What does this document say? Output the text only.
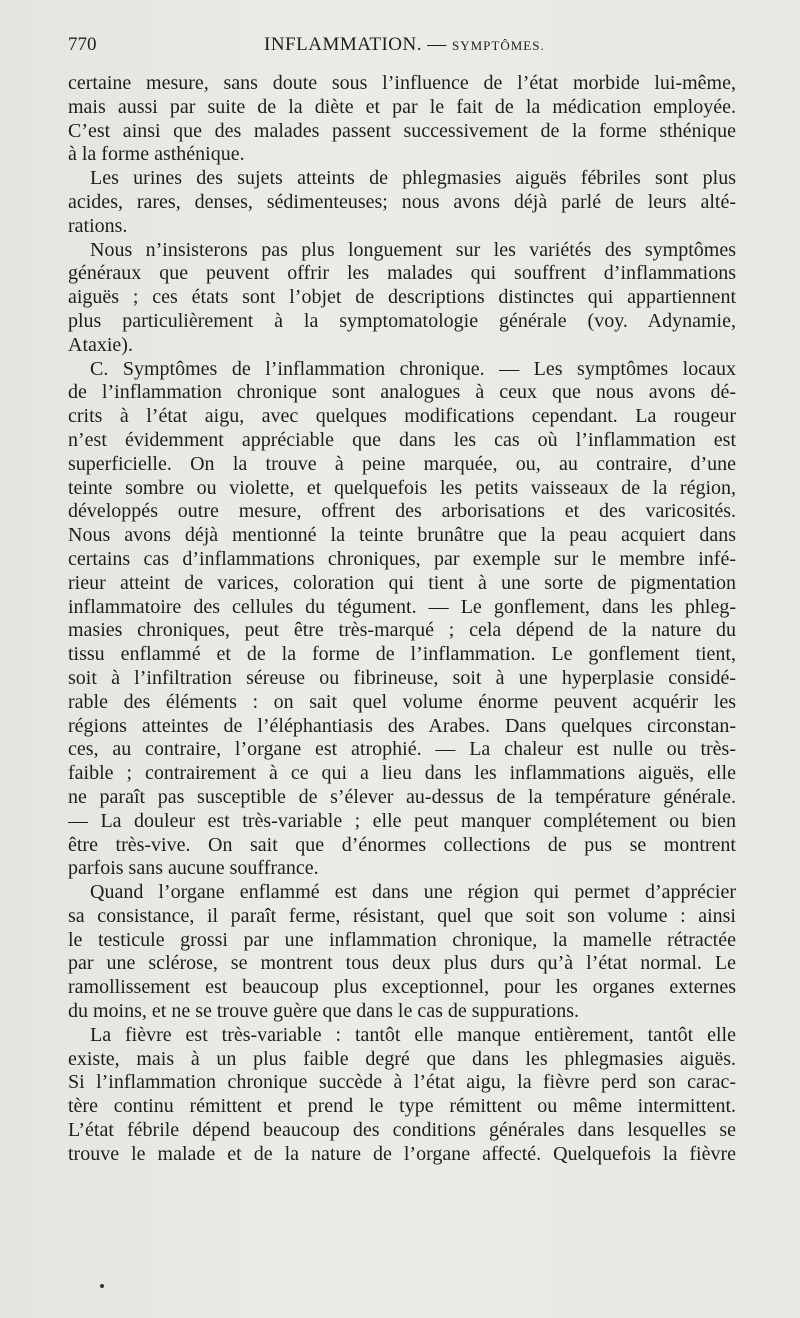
770	INFLAMMATION. — SYMPTÔMES.
certaine mesure, sans doute sous l’influence de l’état morbide lui-même,
mais aussi par suite de la diète et par le fait de la médication employée.
C’est ainsi que des malades passent successivement de la forme sthénique
à la forme asthénique.
Les urines des sujets atteints de phlegmasies aiguës fébriles sont plus
acides, rares, denses, sédimenteuses; nous avons déjà parlé de leurs alté-
rations.
Nous n’insisterons pas plus longuement sur les variétés des symptômes
généraux que peuvent offrir les malades qui souffrent d’inflammations
aiguës ; ces états sont l’objet de descriptions distinctes qui appartiennent
plus particulièrement à la symptomatologie générale (voy. Adynamie,
Ataxie).
C. Symptômes de l’inflammation chronique. — Les symptômes locaux
de l’inflammation chronique sont analogues à ceux que nous avons dé-
crits à l’état aigu, avec quelques modifications cependant. La rougeur
n’est évidemment appréciable que dans les cas où l’inflammation est
superficielle. On la trouve à peine marquée, ou, au contraire, d’une
teinte sombre ou violette, et quelquefois les petits vaisseaux de la région,
développés outre mesure, offrent des arborisations et des varicosités.
Nous avons déjà mentionné la teinte brunâtre que la peau acquiert dans
certains cas d’inflammations chroniques, par exemple sur le membre infé-
rieur atteint de varices, coloration qui tient à une sorte de pigmentation
inflammatoire des cellules du tégument. — Le gonflement, dans les phleg-
masies chroniques, peut être très-marqué ; cela dépend de la nature du
tissu enflammé et de la forme de l’inflammation. Le gonflement tient,
soit à l’infiltration séreuse ou fibrineuse, soit à une hyperplasie considé-
rable des éléments : on sait quel volume énorme peuvent acquérir les
régions atteintes de l’éléphantiasis des Arabes. Dans quelques circonstan-
ces, au contraire, l’organe est atrophié. — La chaleur est nulle ou très-
faible ; contrairement à ce qui a lieu dans les inflammations aiguës, elle
ne paraît pas susceptible de s’élever au-dessus de la température générale.
— La douleur est très-variable ; elle peut manquer complétement ou bien
être très-vive. On sait que d’énormes collections de pus se montrent
parfois sans aucune souffrance.
Quand l’organe enflammé est dans une région qui permet d’apprécier
sa consistance, il paraît ferme, résistant, quel que soit son volume : ainsi
le testicule grossi par une inflammation chronique, la mamelle rétractée
par une sclérose, se montrent tous deux plus durs qu’à l’état normal. Le
ramollissement est beaucoup plus exceptionnel, pour les organes externes
du moins, et ne se trouve guère que dans le cas de suppurations.
La fièvre est très-variable : tantôt elle manque entièrement, tantôt elle
existe, mais à un plus faible degré que dans les phlegmasies aiguës.
Si l’inflammation chronique succède à l’état aigu, la fièvre perd son carac-
tère continu rémittent et prend le type rémittent ou même intermittent.
L’état fébrile dépend beaucoup des conditions générales dans lesquelles se
trouve le malade et de la nature de l’organe affecté. Quelquefois la fièvre
